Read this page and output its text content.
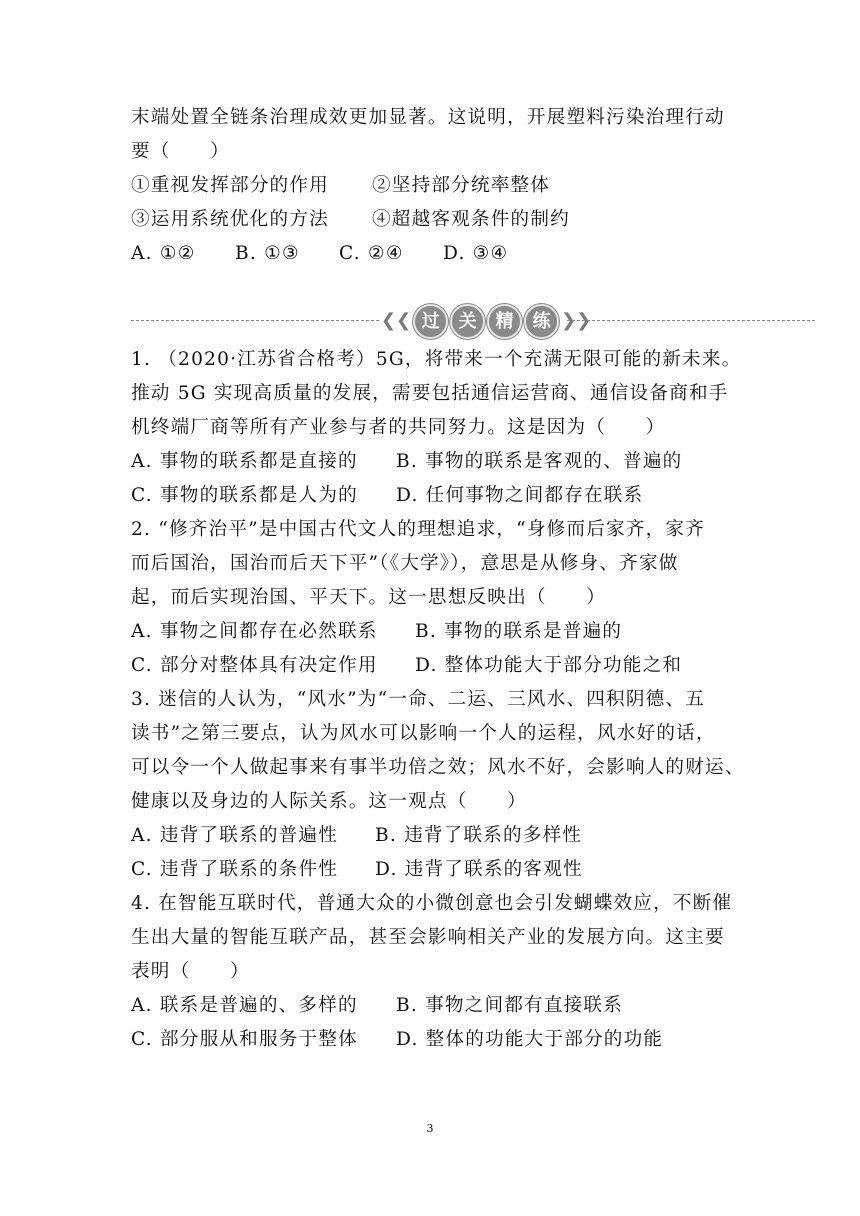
末端处置全链条治理成效更加显著。这说明，开展塑料污染治理行动
要（　　）
①重视发挥部分的作用	②坚持部分统率整体
③运用系统优化的方法	④超越客观条件的制约
A. ①②	B. ①③	C. ②④	D. ③④
❮❮ 过	关	精	练 ❯❯
1. （2020·江苏省合格考）5G，将带来一个充满无限可能的新未来。
推动 5G 实现高质量的发展，需要包括通信运营商、通信设备商和手
机终端厂商等所有产业参与者的共同努力。这是因为（　　）
A. 事物的联系都是直接的	B. 事物的联系是客观的、普遍的
C. 事物的联系都是人为的	D. 任何事物之间都存在联系
2. “修齐治平”是中国古代文人的理想追求，“身修而后家齐，家齐
而后国治，国治而后天下平”（《大学》），意思是从修身、齐家做
起，而后实现治国、平天下。这一思想反映出（　　）
A. 事物之间都存在必然联系	B. 事物的联系是普遍的
C. 部分对整体具有决定作用	D. 整体功能大于部分功能之和
3. 迷信的人认为，“风水”为“一命、二运、三风水、四积阴德、五
读书”之第三要点，认为风水可以影响一个人的运程，风水好的话，
可以令一个人做起事来有事半功倍之效；风水不好，会影响人的财运、
健康以及身边的人际关系。这一观点（　　）
A. 违背了联系的普遍性	B. 违背了联系的多样性
C. 违背了联系的条件性	D. 违背了联系的客观性
4. 在智能互联时代，普通大众的小微创意也会引发蝴蝶效应，不断催
生出大量的智能互联产品，甚至会影响相关产业的发展方向。这主要
表明（　　）
A. 联系是普遍的、多样的	B. 事物之间都有直接联系
C. 部分服从和服务于整体	D. 整体的功能大于部分的功能
3
